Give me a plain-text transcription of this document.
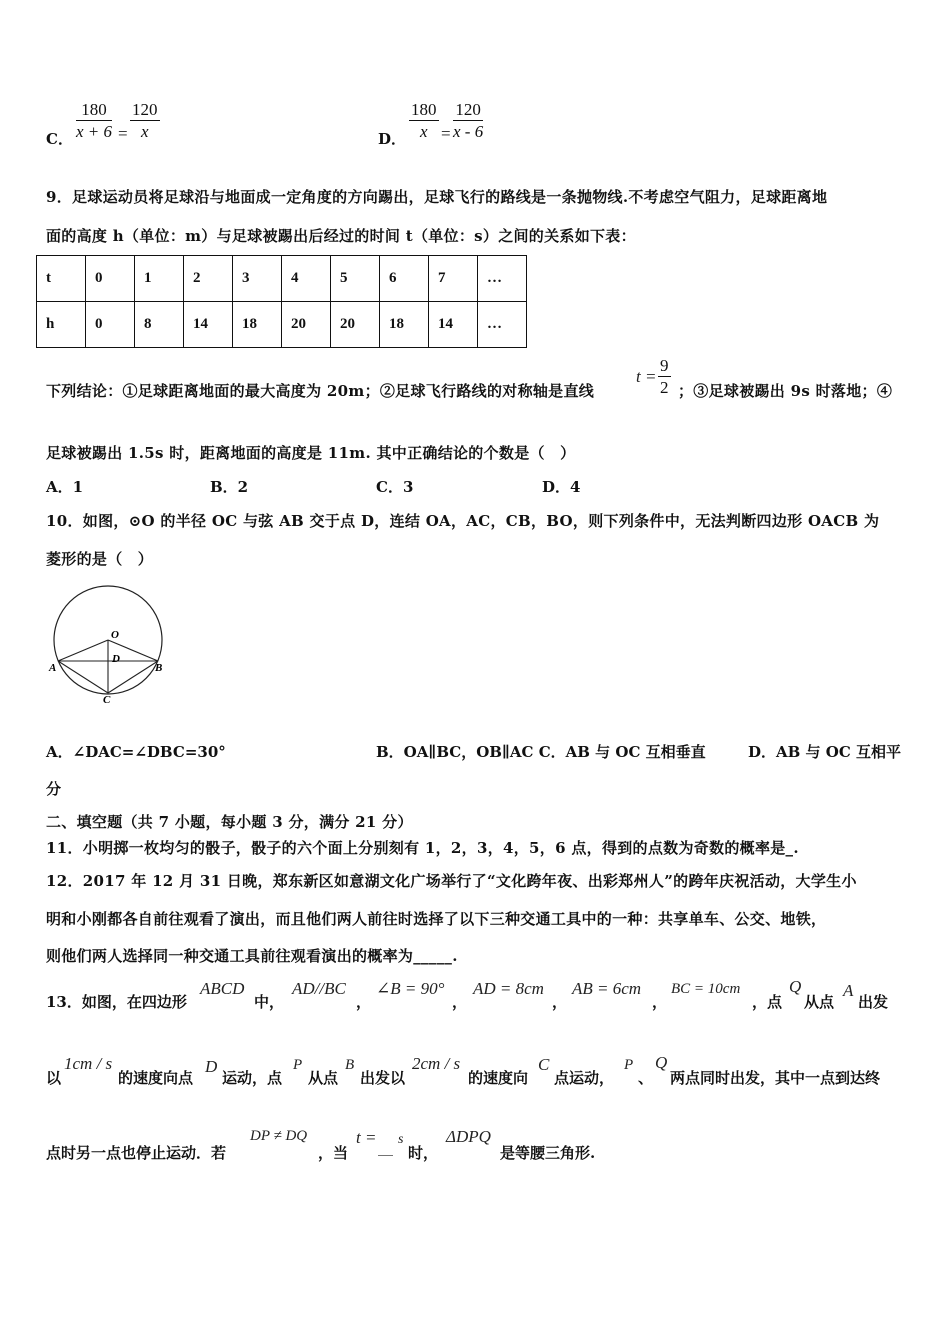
C． $\frac{180}{x + 6} = \frac{120}{x}$	D． $\frac{180}{x} = \frac{120}{x - 6}$
9．足球运动员将足球沿与地面成一定角度的方向踢出，足球飞行的路线是一条抛物线.不考虑空气阻力，足球距离地
面的高度 h（单位：m）与足球被踢出后经过的时间 t（单位：s）之间的关系如下表：
t	0	1	2	3	4	5	6	7	…
h	0	8	14	18	20	20	18	14	…
下列结论：①足球距离地面的最大高度为 20m；②足球飞行路线的对称轴是直线
$t = \frac{9}{2}$ ；③足球被踢出 9s 时落地；④
足球被踢出 1.5s 时，距离地面的高度是 11m. 其中正确结论的个数是（　）
A．1	B．2	C．3	D．4
10．如图，⊙O 的半径 OC 与弦 AB 交于点 D，连结 OA，AC，CB，BO，则下列条件中，无法判断四边形 OACB 为
菱形的是（　）
O
D
A	B
C
A．∠DAC=∠DBC=30°	B．OA∥BC，OB∥AC C．AB 与 OC 互相垂直	D．AB 与 OC 互相平
分
二、填空题（共 7 小题，每小题 3 分，满分 21 分）
11．小明掷一枚均匀的骰子，骰子的六个面上分别刻有 1，2，3，4，5，6 点，得到的点数为奇数的概率是_.
12．2017 年 12 月 31 日晚，郑东新区如意湖文化广场举行了“文化跨年夜、出彩郑州人”的跨年庆祝活动，大学生小
明和小刚都各自前往观看了演出，而且他们两人前往时选择了以下三种交通工具中的一种：共享单车、公交、地铁，
则他们两人选择同一种交通工具前往观看演出的概率为_____.
13．如图，在四边形
ABCD
中，
AD//BC
，
∠B = 90°
，
AD = 8cm
，
AB = 6cm
，
BC = 10cm
，点
Q
从点
A
出发
以
1cm / s
的速度向点
D
运动，点
P
从点
B
出发以
2cm / s
的速度向
C
点运动，
P
、
Q
两点同时出发，其中一点到达终
点时另一点也停止运动．若
DP ≠ DQ
，当
t = __ s
时，
ΔDPQ
是等腰三角形.
